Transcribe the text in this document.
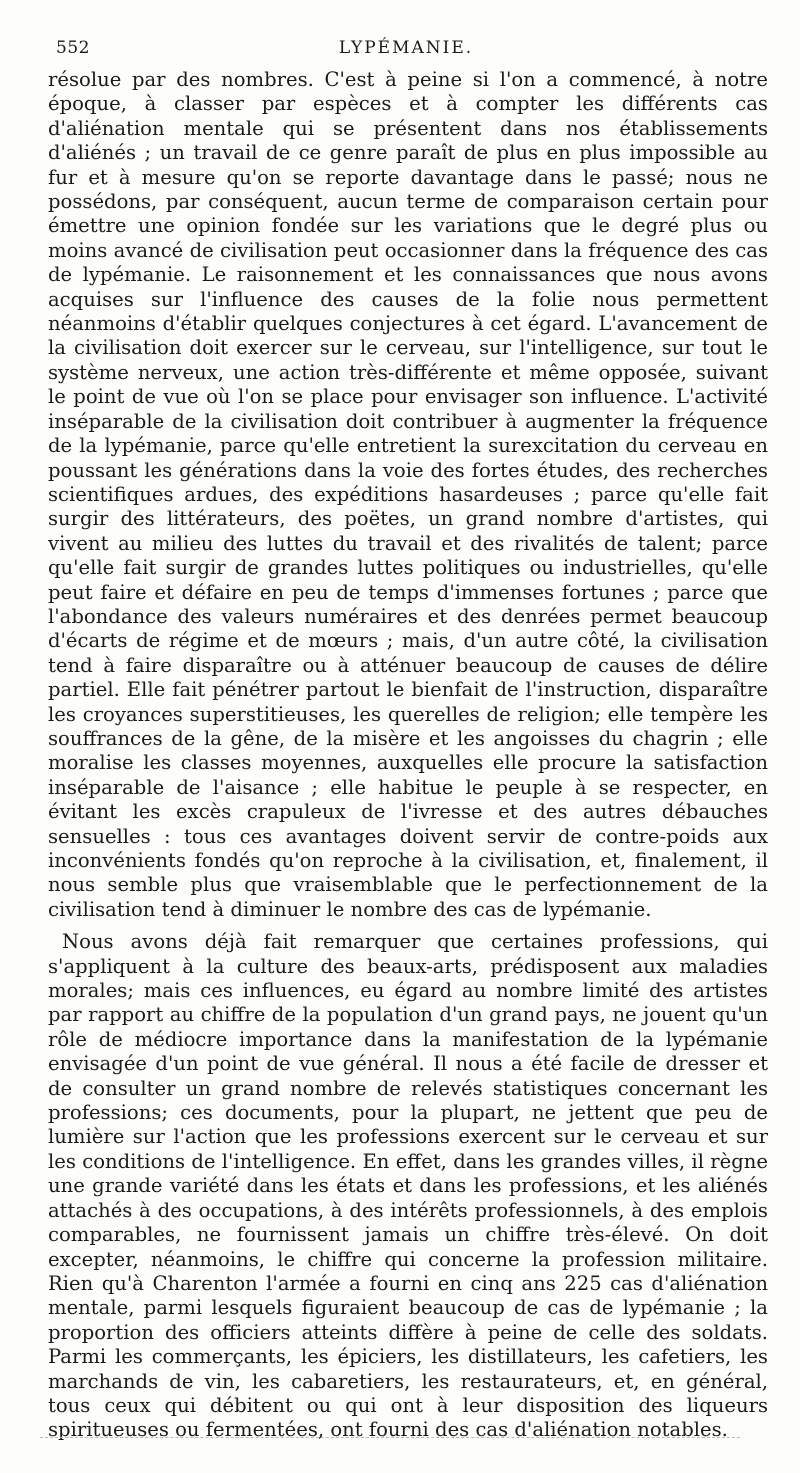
552	LYPÉMANIE.

résolue par des nombres. C'est à peine si l'on a commencé, à notre époque, à classer par espèces et à compter les différents cas d'aliénation mentale qui se présentent dans nos établissements d'aliénés ; un travail de ce genre paraît de plus en plus impossible au fur et à mesure qu'on se reporte davantage dans le passé; nous ne possédons, par conséquent, aucun terme de comparaison certain pour émettre une opinion fondée sur les variations que le degré plus ou moins avancé de civilisation peut occasionner dans la fréquence des cas de lypémanie. Le raisonnement et les connaissances que nous avons acquises sur l'influence des causes de la folie nous permettent néanmoins d'établir quelques conjectures à cet égard. L'avancement de la civilisation doit exercer sur le cerveau, sur l'intelligence, sur tout le système nerveux, une action très-différente et même opposée, suivant le point de vue où l'on se place pour envisager son influence. L'activité inséparable de la civilisation doit contribuer à augmenter la fréquence de la lypémanie, parce qu'elle entretient la surexcitation du cerveau en poussant les générations dans la voie des fortes études, des recherches scientifiques ardues, des expéditions hasardeuses ; parce qu'elle fait surgir des littérateurs, des poëtes, un grand nombre d'artistes, qui vivent au milieu des luttes du travail et des rivalités de talent; parce qu'elle fait surgir de grandes luttes politiques ou industrielles, qu'elle peut faire et défaire en peu de temps d'immenses fortunes ; parce que l'abondance des valeurs numéraires et des denrées permet beaucoup d'écarts de régime et de mœurs ; mais, d'un autre côté, la civilisation tend à faire disparaître ou à atténuer beaucoup de causes de délire partiel. Elle fait pénétrer partout le bienfait de l'instruction, disparaître les croyances superstitieuses, les querelles de religion; elle tempère les souffrances de la gêne, de la misère et les angoisses du chagrin ; elle moralise les classes moyennes, auxquelles elle procure la satisfaction inséparable de l'aisance ; elle habitue le peuple à se respecter, en évitant les excès crapuleux de l'ivresse et des autres débauches sensuelles : tous ces avantages doivent servir de contre-poids aux inconvénients fondés qu'on reproche à la civilisation, et, finalement, il nous semble plus que vraisemblable que le perfectionnement de la civilisation tend à diminuer le nombre des cas de lypémanie.

Nous avons déjà fait remarquer que certaines professions, qui s'appliquent à la culture des beaux-arts, prédisposent aux maladies morales; mais ces influences, eu égard au nombre limité des artistes par rapport au chiffre de la population d'un grand pays, ne jouent qu'un rôle de médiocre importance dans la manifestation de la lypémanie envisagée d'un point de vue général. Il nous a été facile de dresser et de consulter un grand nombre de relevés statistiques concernant les professions; ces documents, pour la plupart, ne jettent que peu de lumière sur l'action que les professions exercent sur le cerveau et sur les conditions de l'intelligence. En effet, dans les grandes villes, il règne une grande variété dans les états et dans les professions, et les aliénés attachés à des occupations, à des intérêts professionnels, à des emplois comparables, ne fournissent jamais un chiffre très-élevé. On doit excepter, néanmoins, le chiffre qui concerne la profession militaire. Rien qu'à Charenton l'armée a fourni en cinq ans 225 cas d'aliénation mentale, parmi lesquels figuraient beaucoup de cas de lypémanie ; la proportion des officiers atteints diffère à peine de celle des soldats. Parmi les commerçants, les épiciers, les distillateurs, les cafetiers, les marchands de vin, les cabaretiers, les restaurateurs, et, en général, tous ceux qui débitent ou qui ont à leur disposition des liqueurs spiritueuses ou fermentées, ont fourni des cas d'aliénation notables.
